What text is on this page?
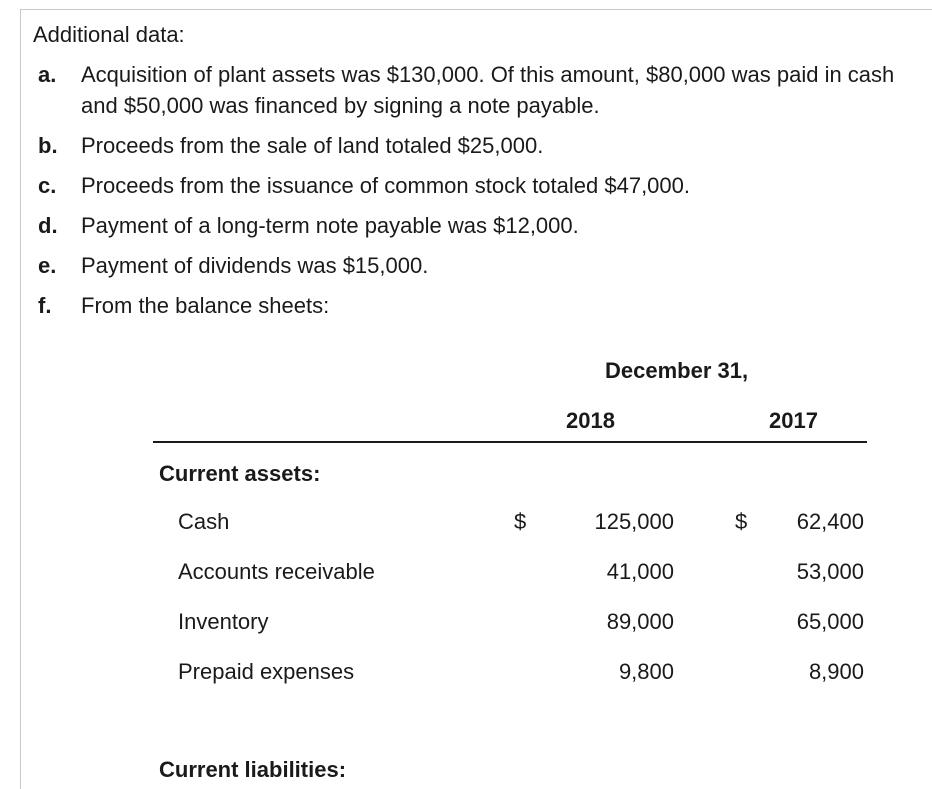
Additional data:
a. Acquisition of plant assets was $130,000. Of this amount, $80,000 was paid in cash and $50,000 was financed by signing a note payable.
b. Proceeds from the sale of land totaled $25,000.
c. Proceeds from the issuance of common stock totaled $47,000.
d. Payment of a long-term note payable was $12,000.
e. Payment of dividends was $15,000.
f. From the balance sheets:
December 31,
2018	2017
Current assets:
Cash	$	125,000	$ 62,400
Accounts receivable	41,000	53,000
Inventory	89,000	65,000
Prepaid expenses	9,800	8,900
Current liabilities:
